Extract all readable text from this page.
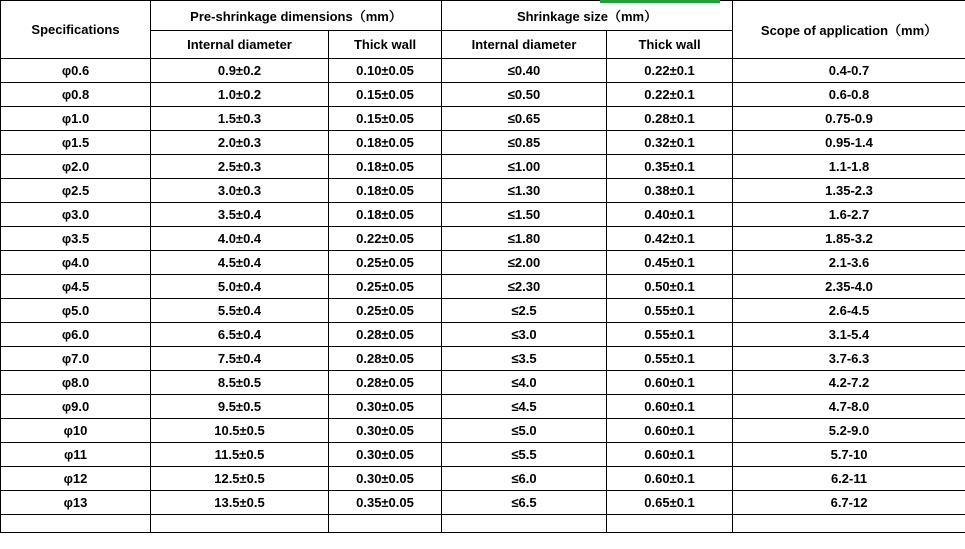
Specifications	Pre-shrinkage dimensions（mm）		Shrinkage size（mm）		Scope of application（mm）
	Internal diameter	Thick wall	Internal diameter	Thick wall	
φ0.6	0.9±0.2	0.10±0.05	≤0.40	0.22±0.1	0.4-0.7
φ0.8	1.0±0.2	0.15±0.05	≤0.50	0.22±0.1	0.6-0.8
φ1.0	1.5±0.3	0.15±0.05	≤0.65	0.28±0.1	0.75-0.9
φ1.5	2.0±0.3	0.18±0.05	≤0.85	0.32±0.1	0.95-1.4
φ2.0	2.5±0.3	0.18±0.05	≤1.00	0.35±0.1	1.1-1.8
φ2.5	3.0±0.3	0.18±0.05	≤1.30	0.38±0.1	1.35-2.3
φ3.0	3.5±0.4	0.18±0.05	≤1.50	0.40±0.1	1.6-2.7
φ3.5	4.0±0.4	0.22±0.05	≤1.80	0.42±0.1	1.85-3.2
φ4.0	4.5±0.4	0.25±0.05	≤2.00	0.45±0.1	2.1-3.6
φ4.5	5.0±0.4	0.25±0.05	≤2.30	0.50±0.1	2.35-4.0
φ5.0	5.5±0.4	0.25±0.05	≤2.5	0.55±0.1	2.6-4.5
φ6.0	6.5±0.4	0.28±0.05	≤3.0	0.55±0.1	3.1-5.4
φ7.0	7.5±0.4	0.28±0.05	≤3.5	0.55±0.1	3.7-6.3
φ8.0	8.5±0.5	0.28±0.05	≤4.0	0.60±0.1	4.2-7.2
φ9.0	9.5±0.5	0.30±0.05	≤4.5	0.60±0.1	4.7-8.0
φ10	10.5±0.5	0.30±0.05	≤5.0	0.60±0.1	5.2-9.0
φ11	11.5±0.5	0.30±0.05	≤5.5	0.60±0.1	5.7-10
φ12	12.5±0.5	0.30±0.05	≤6.0	0.60±0.1	6.2-11
φ13	13.5±0.5	0.35±0.05	≤6.5	0.65±0.1	6.7-12
